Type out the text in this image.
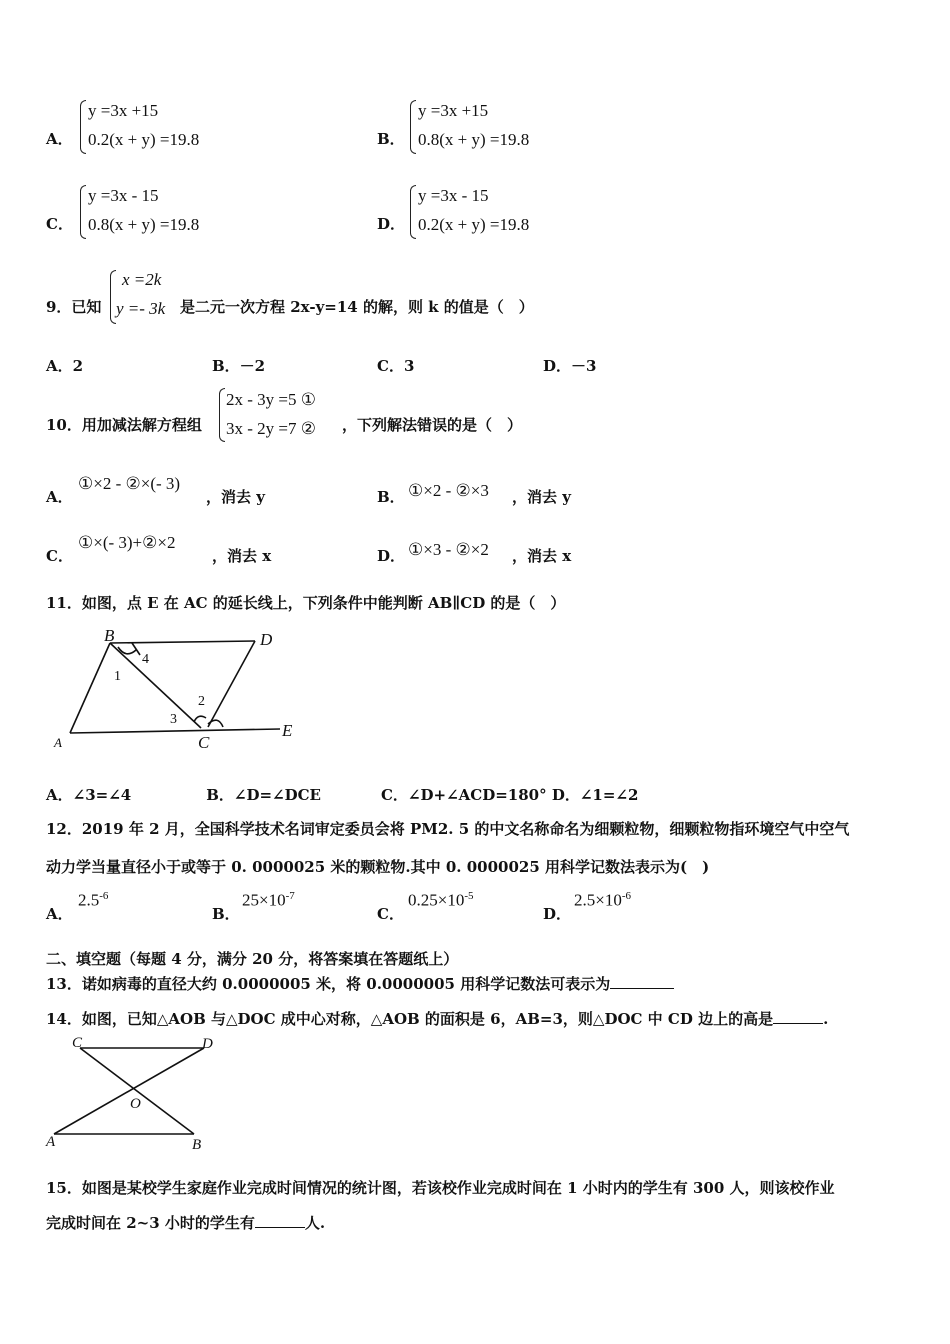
A．
y =3x +15
0.2(x + y) =19.8	B．
y =3x +15
0.8(x + y) =19.8
C．
y =3x - 15
0.8(x + y) =19.8	D．
y =3x - 15
0.2(x + y) =19.8
9．已知
x =2k
y =- 3k 是二元一次方程 2x-y=14 的解，则 k 的值是（　）
A．2	B．－2	C．3	D．－3
10．用加减法解方程组
2x - 3y =5 ①
3x - 2y =7 ② ，下列解法错误的是（　）
A．
①×2 - ②×(- 3)
，消去 y	B． ①×2 - ②×3 ，消去 y
C．
①×(- 3)+②×2
，消去 x	D． ①×3 - ②×2 ，消去 x
11．如图，点 E 在 AC 的延长线上，下列条件中能判断 AB∥CD 的是（　）
B	D
A	C
E
1
2
3
4
A．∠3=∠4　　　　　B．∠D=∠DCE　　　　C．∠D+∠ACD=180° D．∠1=∠2
12．2019 年 2 月，全国科学技术名词审定委员会将 PM2. 5 的中文名称命名为细颗粒物，细颗粒物指环境空气中空气
动力学当量直径小于或等于 0. 0000025 米的颗粒物.其中 0. 0000025 用科学记数法表示为(　)
A．
$2.5^{-6}$
B．
$25\times 10^{-7}$
C．
$0.25\times 10^{-5}$
D．
$2.5\times 10^{-6}$
二、填空题（每题 4 分，满分 20 分，将答案填在答题纸上）
13．诺如病毒的直径大约 0.0000005 米，将 0.0000005 用科学记数法可表示为
14．如图，已知△AOB 与△DOC 成中心对称，△AOB 的面积是 6，AB=3，则△DOC 中 CD 边上的高是	.
C	D
O
A	B
15．如图是某校学生家庭作业完成时间情况的统计图，若该校作业完成时间在 1 小时内的学生有 300 人，则该校作业
完成时间在 2~3 小时的学生有	人.
